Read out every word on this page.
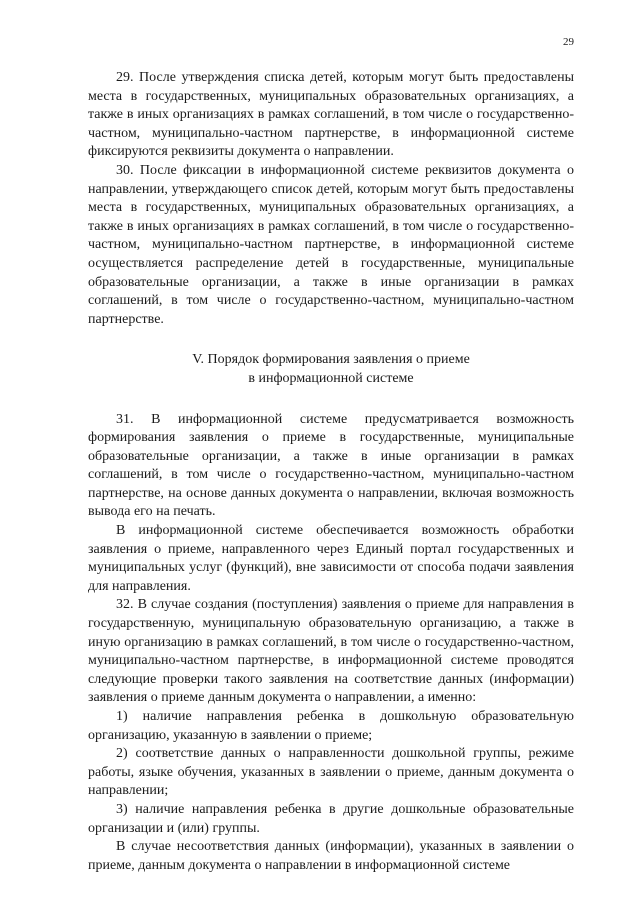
29

29. После утверждения списка детей, которым могут быть предоставлены места в государственных, муниципальных образовательных организациях, а также в иных организациях в рамках соглашений, в том числе о государственно-частном, муниципально-частном партнерстве, в информационной системе фиксируются реквизиты документа о направлении.

30. После фиксации в информационной системе реквизитов документа о направлении, утверждающего список детей, которым могут быть предоставлены места в государственных, муниципальных образовательных организациях, а также в иных организациях в рамках соглашений, в том числе о государственно-частном, муниципально-частном партнерстве, в информационной системе осуществляется распределение детей в государственные, муниципальные образовательные организации, а также в иные организации в рамках соглашений, в том числе о государственно-частном, муниципально-частном партнерстве.

V. Порядок формирования заявления о приеме
в информационной системе

31. В информационной системе предусматривается возможность формирования заявления о приеме в государственные, муниципальные образовательные организации, а также в иные организации в рамках соглашений, в том числе о государственно-частном, муниципально-частном партнерстве, на основе данных документа о направлении, включая возможность вывода его на печать.

В информационной системе обеспечивается возможность обработки заявления о приеме, направленного через Единый портал государственных и муниципальных услуг (функций), вне зависимости от способа подачи заявления для направления.

32. В случае создания (поступления) заявления о приеме для направления в государственную, муниципальную образовательную организацию, а также в иную организацию в рамках соглашений, в том числе о государственно-частном, муниципально-частном партнерстве, в информационной системе проводятся следующие проверки такого заявления на соответствие данных (информации) заявления о приеме данным документа о направлении, а именно:

1) наличие направления ребенка в дошкольную образовательную организацию, указанную в заявлении о приеме;

2) соответствие данных о направленности дошкольной группы, режиме работы, языке обучения, указанных в заявлении о приеме, данным документа о направлении;

3) наличие направления ребенка в другие дошкольные образовательные организации и (или) группы.

В случае несоответствия данных (информации), указанных в заявлении о приеме, данным документа о направлении в информационной системе
